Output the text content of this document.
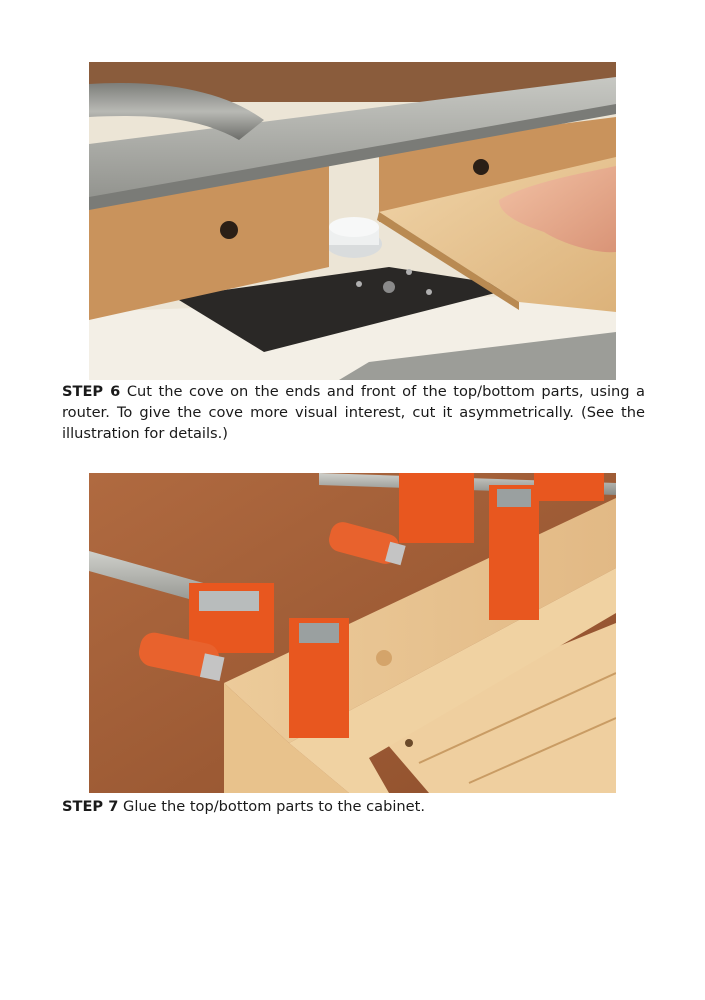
STEP 6 Cut the cove on the ends and front of the top/bottom parts, using a router. To give the cove more visual interest, cut it asymmetrically. (See the illustration for details.)

STEP 7 Glue the top/bottom parts to the cabinet.
